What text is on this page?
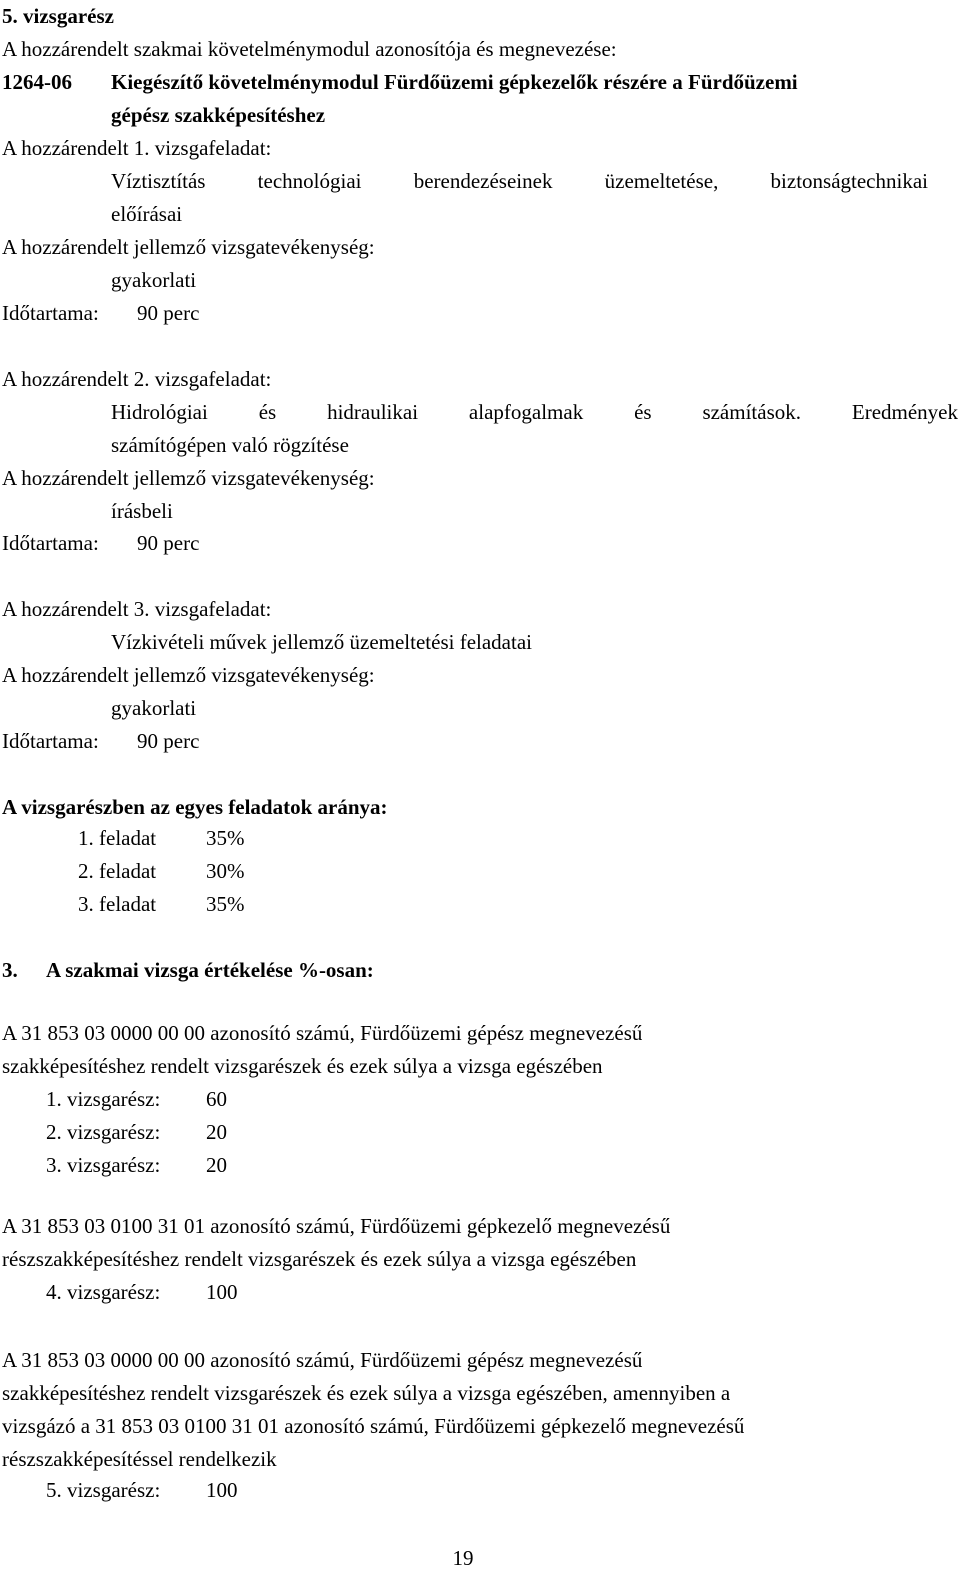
5. vizsgarész
A hozzárendelt szakmai követelménymodul azonosítója és megnevezése:
1264-06 Kiegészítő követelménymodul Fürdőüzemi gépkezelők részére a Fürdőüzemi
gépész szakképesítéshez
A hozzárendelt 1. vizsgafeladat:
Víztisztítás technológiai berendezéseinek üzemeltetése, biztonságtechnikai
előírásai
A hozzárendelt jellemző vizsgatevékenység:
gyakorlati
Időtartama: 90 perc
A hozzárendelt 2. vizsgafeladat:
Hidrológiai és hidraulikai alapfogalmak és számítások. Eredmények
számítógépen való rögzítése
A hozzárendelt jellemző vizsgatevékenység:
írásbeli
Időtartama: 90 perc
A hozzárendelt 3. vizsgafeladat:
Vízkivételi művek jellemző üzemeltetési feladatai
A hozzárendelt jellemző vizsgatevékenység:
gyakorlati
Időtartama: 90 perc
A vizsgarészben az egyes feladatok aránya:
1. feladat 35%
2. feladat 30%
3. feladat 35%
3. A szakmai vizsga értékelése %-osan:
A 31 853 03 0000 00 00 azonosító számú, Fürdőüzemi gépész megnevezésű
szakképesítéshez rendelt vizsgarészek és ezek súlya a vizsga egészében
1. vizsgarész: 60
2. vizsgarész: 20
3. vizsgarész: 20
A 31 853 03 0100 31 01 azonosító számú, Fürdőüzemi gépkezelő megnevezésű
részszakképesítéshez rendelt vizsgarészek és ezek súlya a vizsga egészében
4. vizsgarész: 100
A 31 853 03 0000 00 00 azonosító számú, Fürdőüzemi gépész megnevezésű
szakképesítéshez rendelt vizsgarészek és ezek súlya a vizsga egészében, amennyiben a
vizsgázó a 31 853 03 0100 31 01 azonosító számú, Fürdőüzemi gépkezelő megnevezésű
részszakképesítéssel rendelkezik
5. vizsgarész: 100
19
